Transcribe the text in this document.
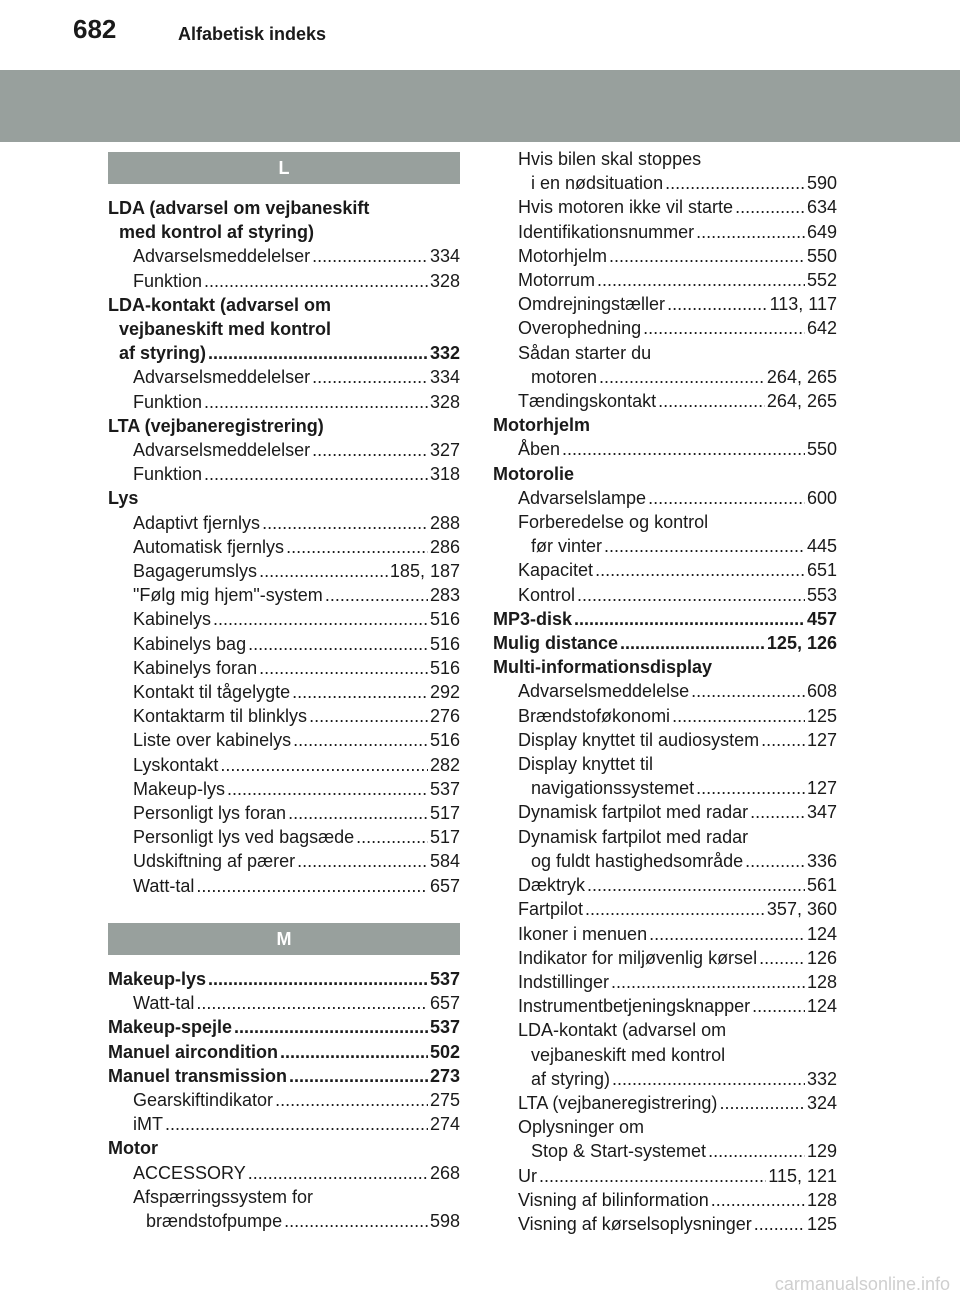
682	Alfabetisk indeks
L
LDA (advarsel om vejbaneskift
med kontrol af styring)
Advarselsmeddelelser .....	334
Funktion .....	328
LDA-kontakt (advarsel om
vejbaneskift med kontrol
af styring) .....	332
Advarselsmeddelelser .....	334
Funktion .....	328
LTA (vejbaneregistrering)
Advarselsmeddelelser .....	327
Funktion .....	318
Lys
Adaptivt fjernlys .....	288
Automatisk fjernlys .....	286
Bagagerumslys .....	185, 187
"Følg mig hjem"-system .....	283
Kabinelys .....	516
Kabinelys bag .....	516
Kabinelys foran .....	516
Kontakt til tågelygte .....	292
Kontaktarm til blinklys .....	276
Liste over kabinelys .....	516
Lyskontakt .....	282
Makeup-lys .....	537
Personligt lys foran .....	517
Personligt lys ved bagsæde .....	517
Udskiftning af pærer .....	584
Watt-tal .....	657
M
Makeup-lys .....	537
Watt-tal .....	657
Makeup-spejle .....	537
Manuel aircondition .....	502
Manuel transmission .....	273
Gearskiftindikator .....	275
iMT .....	274
Motor
ACCESSORY .....	268
Afspærringssystem for
brændstofpumpe .....	598
Hvis bilen skal stoppes
i en nødsituation .....	590
Hvis motoren ikke vil starte .....	634
Identifikationsnummer .....	649
Motorhjelm .....	550
Motorrum .....	552
Omdrejningstæller .....	113, 117
Overophedning .....	642
Sådan starter du
motoren .....	264, 265
Tændingskontakt .....	264, 265
Motorhjelm
Åben .....	550
Motorolie
Advarselslampe .....	600
Forberedelse og kontrol
før vinter .....	445
Kapacitet .....	651
Kontrol .....	553
MP3-disk .....	457
Mulig distance .....	125, 126
Multi-informationsdisplay
Advarselsmeddelelse .....	608
Brændstoføkonomi .....	125
Display knyttet til audiosystem .....	127
Display knyttet til
navigationssystemet .....	127
Dynamisk fartpilot med radar .....	347
Dynamisk fartpilot med radar
og fuldt hastighedsområde .....	336
Dæktryk .....	561
Fartpilot .....	357, 360
Ikoner i menuen .....	124
Indikator for miljøvenlig kørsel .....	126
Indstillinger .....	128
Instrumentbetjeningsknapper .....	124
LDA-kontakt (advarsel om
vejbaneskift med kontrol
af styring) .....	332
LTA (vejbaneregistrering) .....	324
Oplysninger om
Stop & Start-systemet .....	129
Ur .....	115, 121
Visning af bilinformation .....	128
Visning af kørselsoplysninger .....	125
carmanualsonline.info
